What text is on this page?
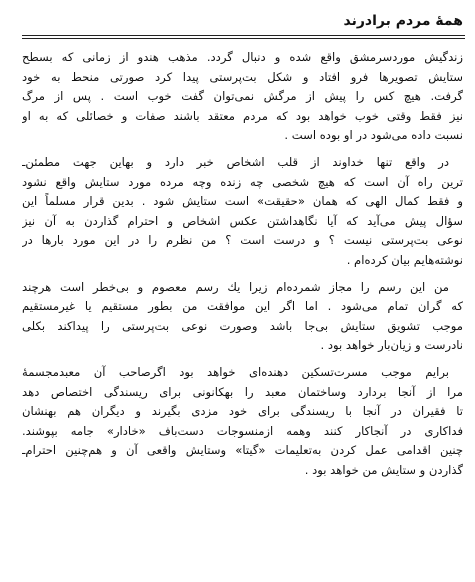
همهٔ مردم برادرند
زندگیش موردسرمشق واقع شده و دنبال گردد. مذهب هندو از زمانی که بسطح
ستایش تصویرها فرو افتاد و شکل بت‌پرستی پیدا کرد صورتی منحط به خود
گرفت. هیچ کس را پیش از مرگش نمی‌توان گفت خوب است . پس از مرگ
نیز فقط وقتی خوب خواهد بود که مردم معتقد باشند صفات و خصائلی که به او
نسبت داده می‌شود در او بوده است .
در واقع تنها خداوند از قلب اشخاص خبر دارد و بهاین جهت مطمئن‌ـ
ترین راه آن است که هیچ شخصی چه زنده وچه مرده مورد ستایش واقع نشود
و فقط کمال الهی که همان «حقیقت» است ستایش شود . بدین قرار مسلماً این
سؤال پیش می‌آید که آیا نگاهداشتن عکس اشخاص و احترام گذاردن به آن نیز
نوعی بت‌پرستی نیست ؟ و درست است ؟ من نظرم را در این مورد بارها در
نوشته‌هایم بیان کرده‌ام .
من این رسم را مجاز شمرده‌ام زیرا یك رسم معصوم و بی‌خطر است هرچند
که گران تمام می‌شود . اما اگر این موافقت من بطور مستقیم یا غیرمستقیم
موجب تشویق ستایش بی‌جا باشد وصورت نوعی بت‌پرستی را پیداکند بکلی
نادرست و زیان‌بار خواهد بود .
برایم موجب مسرت‌تسکین دهنده‌ای خواهد بود اگرصاحب آن معبدمجسمهٔ
مرا از آنجا بردارد وساختمان معبد را بهکانونی برای ریسندگی اختصاص دهد
تا فقیران در آنجا با ریسندگی برای خود مزدی بگیرند و دیگران هم بهنشان
فداکاری در آنجاکار کنند وهمه ازمنسوجات دست‌باف «خادار» جامه بپوشند.
چنین اقدامی عمل کردن به‌تعلیمات «گیتا» وستایش واقعی آن و هم‌چنین احترام‌ـ
گذاردن و ستایش من خواهد بود .
